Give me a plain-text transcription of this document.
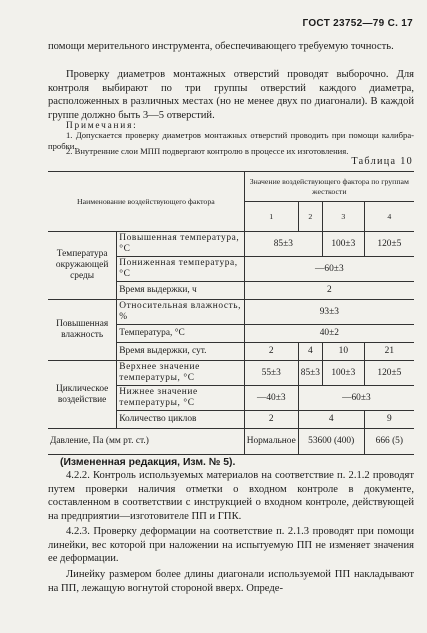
ГОСТ 23752—79 С. 17
помощи мерительного инструмента, обеспечивающего требуемую точность.
Проверку диаметров монтажных отверстий проводят выборочно. Для контроля выбирают по три группы отверстий каждого диаметра, расположенных в различных местах (но не менее двух по диагонали). В каждой группе должно быть 3—5 отверстий.
Примечания:
1. Допускается проверку диаметров монтажных отверстий проводить при помощи калибра-пробки.
2. Внутренние слои МПП подвергают контролю в процессе их изготовления.
Таблица 10
Наименование воздействующего фактора		Значение воздействующего фактора по группам жесткости			
		1	2	3	4
Температура окружающей среды	Повышенная температура, °С	85±3		100±3	120±5
	Пониженная температура, °С	—60±3			
	Время выдержки, ч	2			
Повышенная влажность	Относительная влажность, %	93±3			
	Температура, °С	40±2			
	Время выдержки, сут.	2	4	10	21
Циклическое воздействие	Верхнее значение температуры, °С	55±3	85±3	100±3	120±5
	Нижнее значение температуры, °С	—40±3	—60±3		
	Количество циклов	2	4		9
Давление, Па (мм рт. ст.)		Нормальное	53600 (400)		666 (5)
(Измененная редакция, Изм. № 5).
4.2.2. Контроль используемых материалов на соответствие п. 2.1.2 проводят путем проверки наличия отметки о входном контроле в документе, составленном в соответствии с инструкцией о входном контроле, действующей на предприятии—изготовителе ПП и ГПК.
4.2.3. Проверку деформации на соответствие п. 2.1.3 проводят при помощи линейки, вес которой при наложении на испытуемую ПП не изменяет значения ее деформации.
Линейку размером более длины диагонали используемой ПП накладывают на ПП, лежащую вогнутой стороной вверх. Опреде-
